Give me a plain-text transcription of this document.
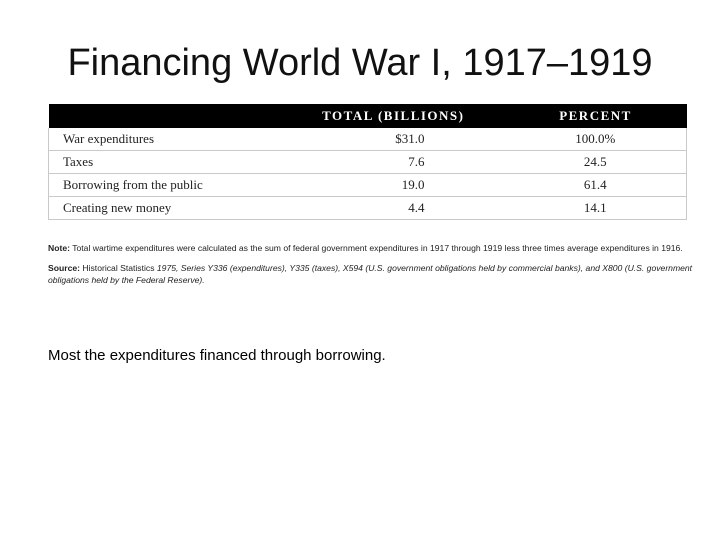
Financing World War I, 1917–1919
	TOTAL (BILLIONS)	PERCENT
War expenditures	$31.0	100.0%
Taxes	7.6	24.5
Borrowing from the public	19.0	61.4
Creating new money	4.4	14.1

Note: Total wartime expenditures were calculated as the sum of federal government expenditures in 1917 through 1919 less three times average expenditures in 1916.

Source: Historical Statistics 1975, Series Y336 (expenditures), Y335 (taxes), X594 (U.S. government obligations held by commercial banks), and X800 (U.S. government obligations held by the Federal Reserve).

Most the expenditures financed through borrowing.
